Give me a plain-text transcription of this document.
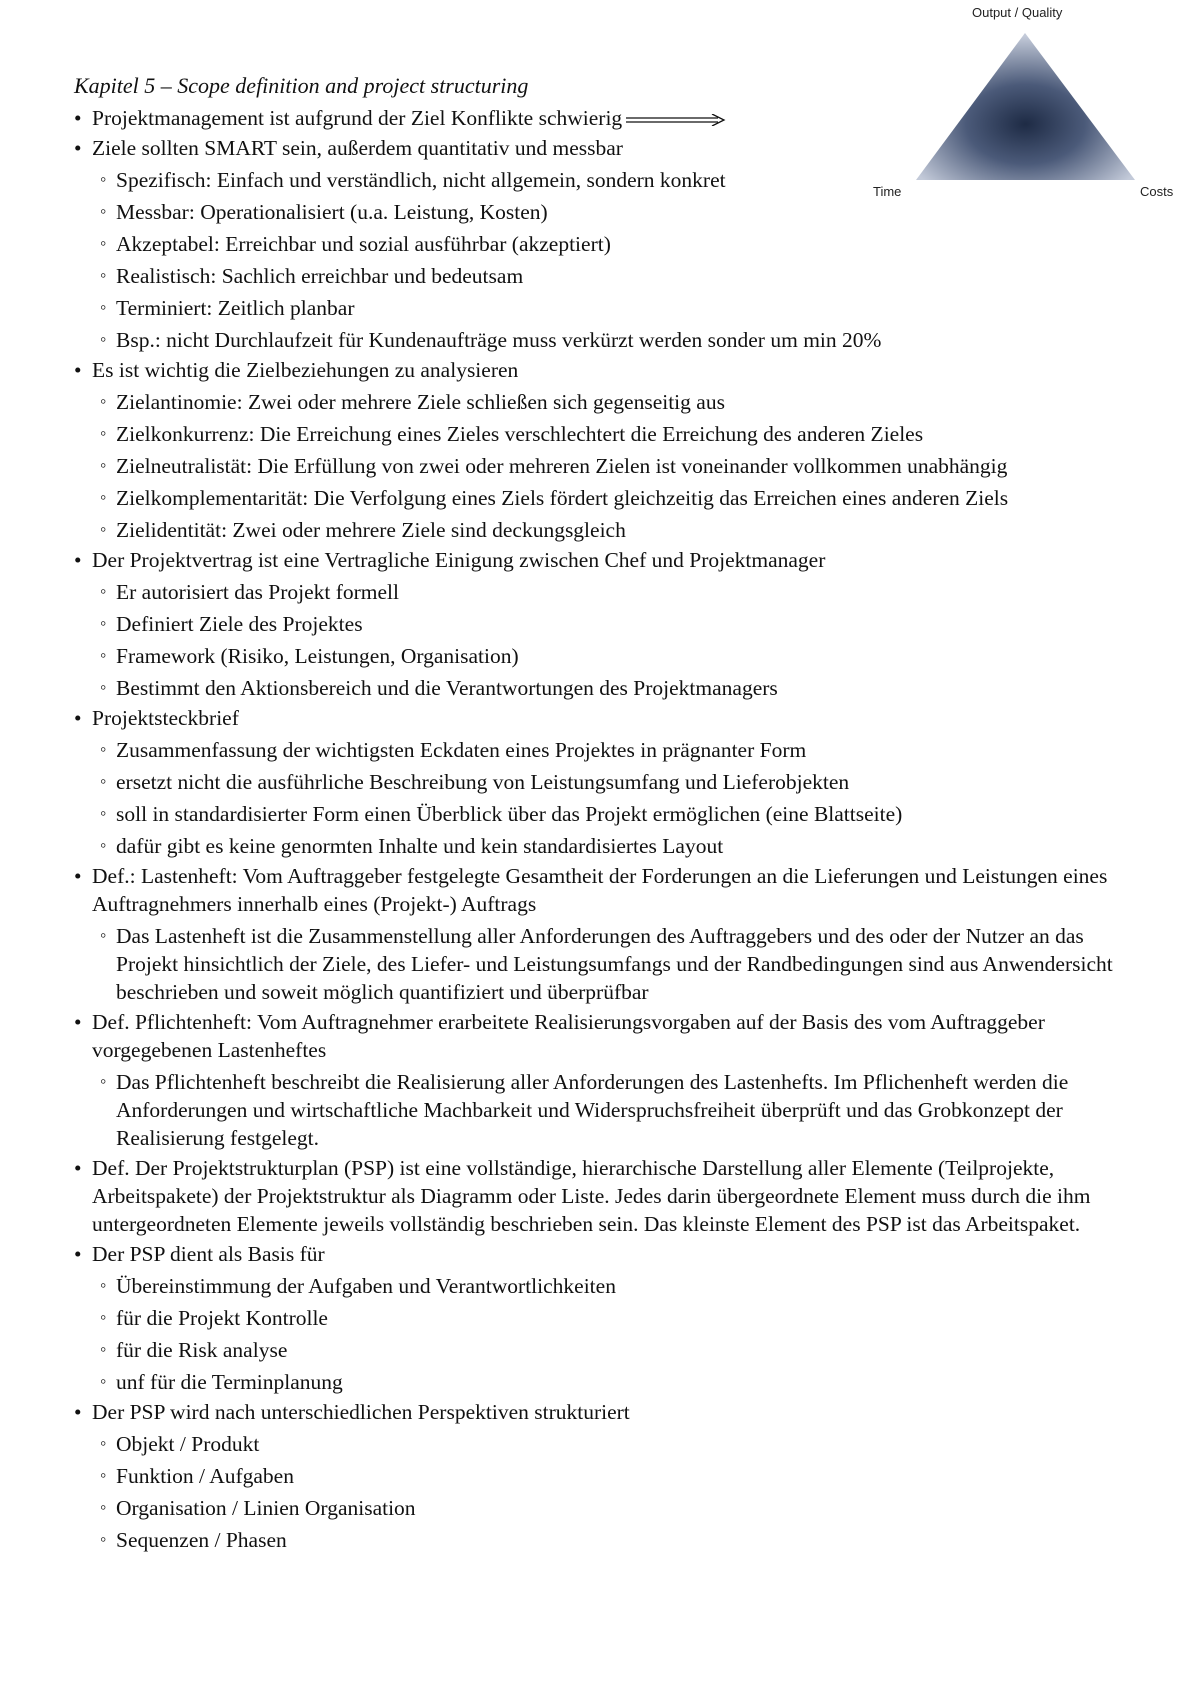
Output / Quality
Time	Costs
Kapitel 5 – Scope definition and project structuring
• Projektmanagement ist aufgrund der Ziel Konflikte schwierig
• Ziele sollten SMART sein, außerdem quantitativ und messbar
◦ Spezifisch: Einfach und verständlich, nicht allgemein, sondern konkret
◦ Messbar: Operationalisiert (u.a. Leistung, Kosten)
◦ Akzeptabel: Erreichbar und sozial ausführbar (akzeptiert)
◦ Realistisch: Sachlich erreichbar und bedeutsam
◦ Terminiert: Zeitlich planbar
◦ Bsp.: nicht Durchlaufzeit für Kundenaufträge muss verkürzt werden sonder um min 20%
• Es ist wichtig die Zielbeziehungen zu analysieren
◦ Zielantinomie: Zwei oder mehrere Ziele schließen sich gegenseitig aus
◦ Zielkonkurrenz: Die Erreichung eines Zieles verschlechtert die Erreichung des anderen Zieles
◦ Zielneutralistät: Die Erfüllung von zwei oder mehreren Zielen ist voneinander vollkommen unabhängig
◦ Zielkomplementarität: Die Verfolgung eines Ziels fördert gleichzeitig das Erreichen eines anderen Ziels
◦ Zielidentität: Zwei oder mehrere Ziele sind deckungsgleich
• Der Projektvertrag ist eine Vertragliche Einigung zwischen Chef und Projektmanager
◦ Er autorisiert das Projekt formell
◦ Definiert Ziele des Projektes
◦ Framework (Risiko, Leistungen, Organisation)
◦ Bestimmt den Aktionsbereich und die Verantwortungen des Projektmanagers
• Projektsteckbrief
◦ Zusammenfassung der wichtigsten Eckdaten eines Projektes in prägnanter Form
◦ ersetzt nicht die ausführliche Beschreibung von Leistungsumfang und Lieferobjekten
◦ soll in standardisierter Form einen Überblick über das Projekt ermöglichen (eine Blattseite)
◦ dafür gibt es keine genormten Inhalte und kein standardisiertes Layout
• Def.: Lastenheft: Vom Auftraggeber festgelegte Gesamtheit der Forderungen an die Lieferungen und Leistungen eines Auftragnehmers innerhalb eines (Projekt-) Auftrags
◦ Das Lastenheft ist die Zusammenstellung aller Anforderungen des Auftraggebers und des oder der Nutzer an das Projekt hinsichtlich der Ziele, des Liefer- und Leistungsumfangs und der Randbedingungen sind aus Anwendersicht beschrieben und soweit möglich quantifiziert und überprüfbar
• Def. Pflichtenheft: Vom Auftragnehmer erarbeitete Realisierungsvorgaben auf der Basis des vom Auftraggeber vorgegebenen Lastenheftes
◦ Das Pflichtenheft beschreibt die Realisierung aller Anforderungen des Lastenhefts. Im Pflichenheft werden die Anforderungen und wirtschaftliche Machbarkeit und Widerspruchsfreiheit überprüft und das Grobkonzept der Realisierung festgelegt.
• Def. Der Projektstrukturplan (PSP) ist eine vollständige, hierarchische Darstellung aller Elemente (Teilprojekte, Arbeitspakete) der Projektstruktur als Diagramm oder Liste. Jedes darin übergeordnete Element muss durch die ihm untergeordneten Elemente jeweils vollständig beschrieben sein. Das kleinste Element des PSP ist das Arbeitspaket.
• Der PSP dient als Basis für
◦ Übereinstimmung der Aufgaben und Verantwortlichkeiten
◦ für die Projekt Kontrolle
◦ für die Risk analyse
◦ unf für die Terminplanung
• Der PSP wird nach unterschiedlichen Perspektiven strukturiert
◦ Objekt / Produkt
◦ Funktion / Aufgaben
◦ Organisation / Linien Organisation
◦ Sequenzen / Phasen
